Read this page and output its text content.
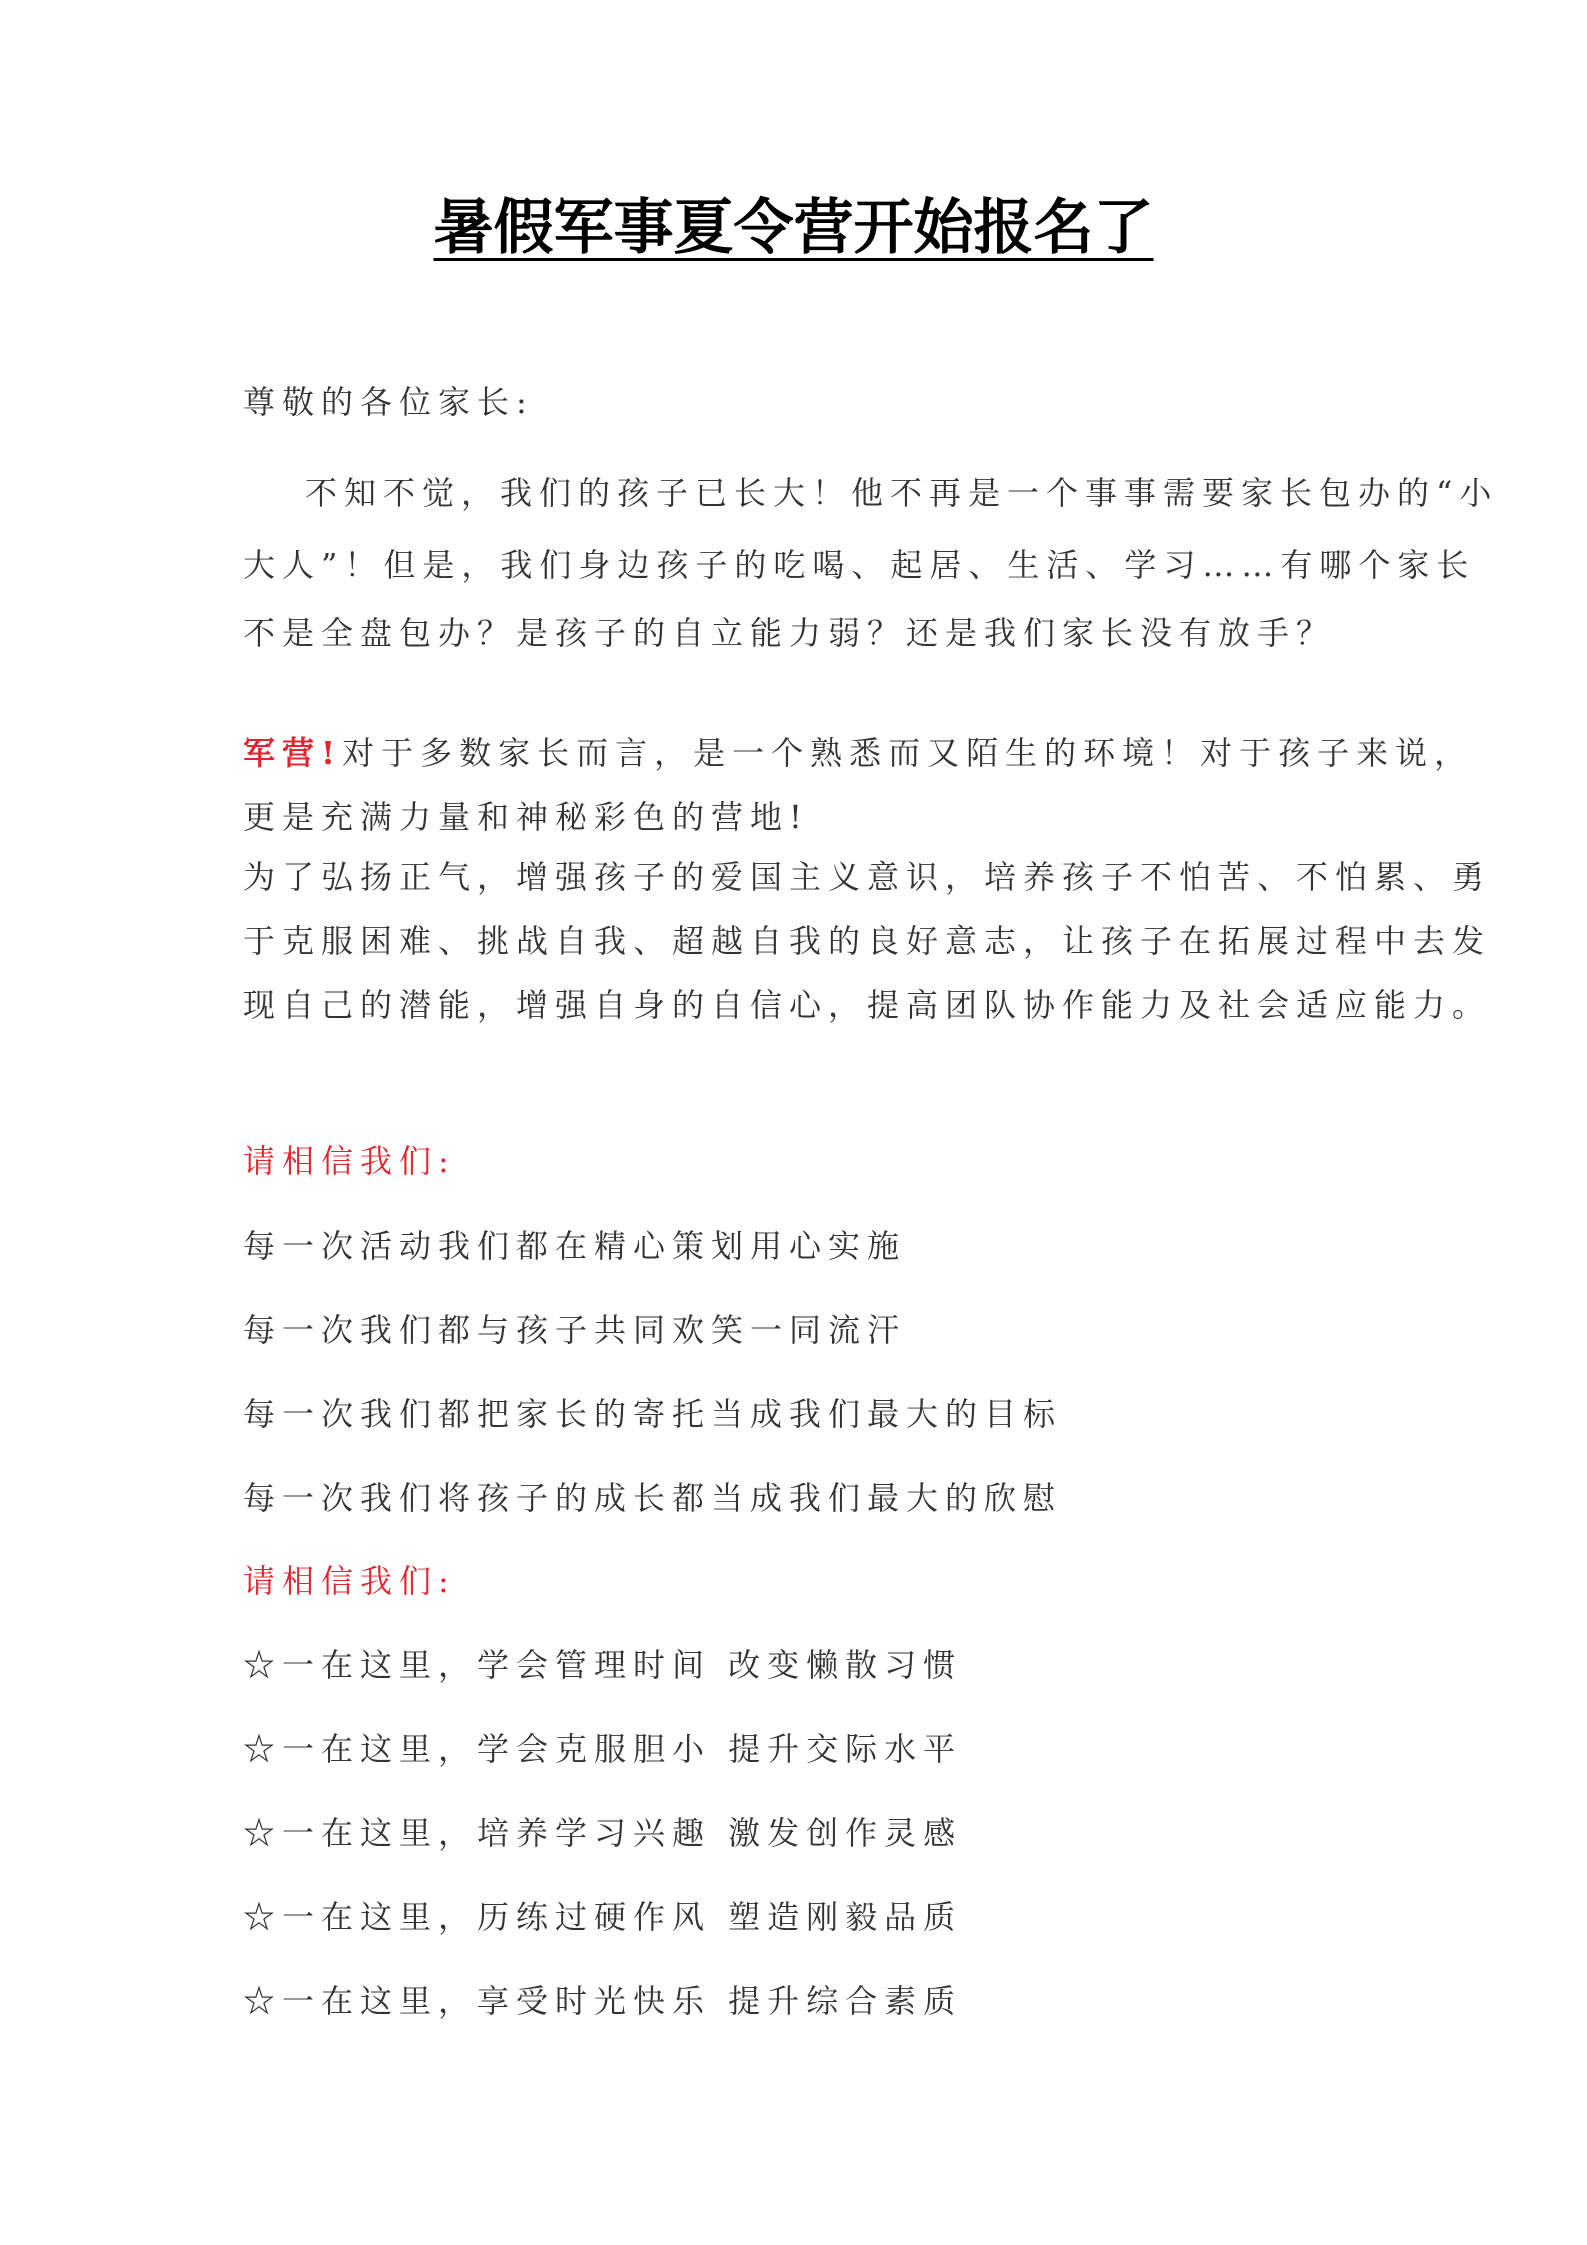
暑假军事夏令营开始报名了
尊敬的各位家长:
不知不觉，我们的孩子已长大！他不再是一个事事需要家长包办的“小
大人”！但是，我们身边孩子的吃喝、起居、生活、学习……有哪个家长
不是全盘包办？是孩子的自立能力弱？还是我们家长没有放手？
军营!对于多数家长而言，是一个熟悉而又陌生的环境！对于孩子来说，
更是充满力量和神秘彩色的营地!
为了弘扬正气，增强孩子的爱国主义意识，培养孩子不怕苦、不怕累、勇
于克服困难、挑战自我、超越自我的良好意志，让孩子在拓展过程中去发
现自己的潜能，增强自身的自信心，提高团队协作能力及社会适应能力。
请相信我们:
每一次活动我们都在精心策划用心实施
每一次我们都与孩子共同欢笑一同流汗
每一次我们都把家长的寄托当成我们最大的目标
每一次我们将孩子的成长都当成我们最大的欣慰
请相信我们:
☆一在这里，学会管理时间 改变懒散习惯
☆一在这里，学会克服胆小 提升交际水平
☆一在这里，培养学习兴趣 激发创作灵感
☆一在这里，历练过硬作风 塑造刚毅品质
☆一在这里，享受时光快乐 提升综合素质
